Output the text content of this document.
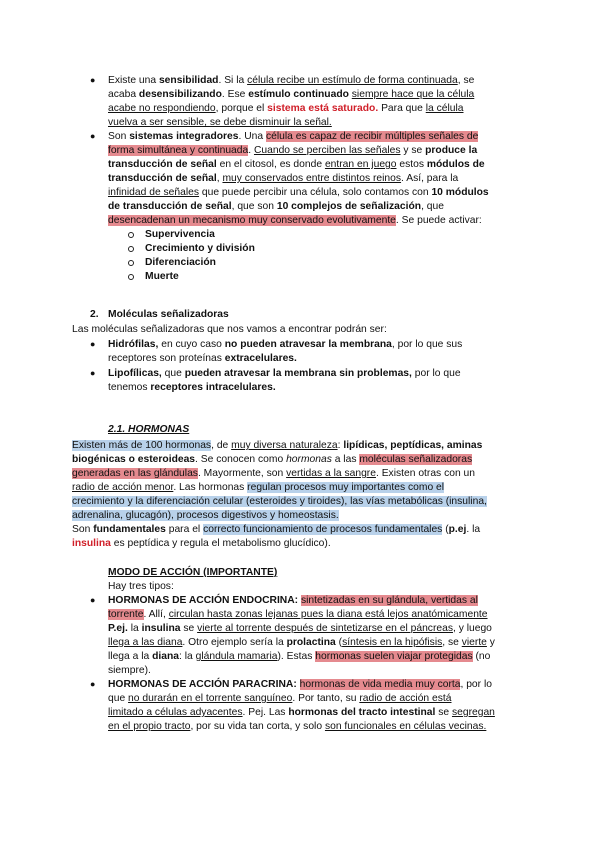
● Existe una sensibilidad. Si la célula recibe un estímulo de forma continuada, se
acaba desensibilizando. Ese estímulo continuado siempre hace que la célula
acabe no respondiendo, porque el sistema está saturado. Para que la célula
vuelva a ser sensible, se debe disminuir la señal.
● Son sistemas integradores. Una célula es capaz de recibir múltiples señales de
forma simultánea y continuada. Cuando se perciben las señales y se produce la
transducción de señal en el citosol, es donde entran en juego estos módulos de
transducción de señal, muy conservados entre distintos reinos. Así, para la
infinidad de señales que puede percibir una célula, solo contamos con 10 módulos
de transducción de señal, que son 10 complejos de señalización, que
desencadenan un mecanismo muy conservado evolutivamente. Se puede activar:
Supervivencia
Crecimiento y división
Diferenciación
Muerte
2. Moléculas señalizadoras
Las moléculas señalizadoras que nos vamos a encontrar podrán ser:
● Hidrófilas, en cuyo caso no pueden atravesar la membrana, por lo que sus
receptores son proteínas extracelulares.
● Lipofílicas, que pueden atravesar la membrana sin problemas, por lo que
tenemos receptores intracelulares.
2.1. HORMONAS
Existen más de 100 hormonas, de muy diversa naturaleza: lipídicas, peptídicas, aminas
biogénicas o esteroideas. Se conocen como hormonas a las moléculas señalizadoras
generadas en las glándulas. Mayormente, son vertidas a la sangre. Existen otras con un
radio de acción menor. Las hormonas regulan procesos muy importantes como el
crecimiento y la diferenciación celular (esteroides y tiroides), las vías metabólicas (insulina,
adrenalina, glucagón), procesos digestivos y homeostasis.
Son fundamentales para el correcto funcionamiento de procesos fundamentales (p.ej. la
insulina es peptídica y regula el metabolismo glucídico).
MODO DE ACCIÓN (IMPORTANTE)
Hay tres tipos:
● HORMONAS DE ACCIÓN ENDOCRINA: sintetizadas en su glándula, vertidas al
torrente. Allí, circulan hasta zonas lejanas pues la diana está lejos anatómicamente
P.ej. la insulina se vierte al torrente después de sintetizarse en el páncreas, y luego
llega a las diana. Otro ejemplo sería la prolactina (síntesis en la hipófisis, se vierte y
llega a la diana: la glándula mamaria). Estas hormonas suelen viajar protegidas (no
siempre).
● HORMONAS DE ACCIÓN PARACRINA: hormonas de vida media muy corta, por lo
que no durarán en el torrente sanguíneo. Por tanto, su radio de acción está
limitado a células adyacentes. Pej. Las hormonas del tracto intestinal se segregan
en el propio tracto, por su vida tan corta, y solo son funcionales en células vecinas.
